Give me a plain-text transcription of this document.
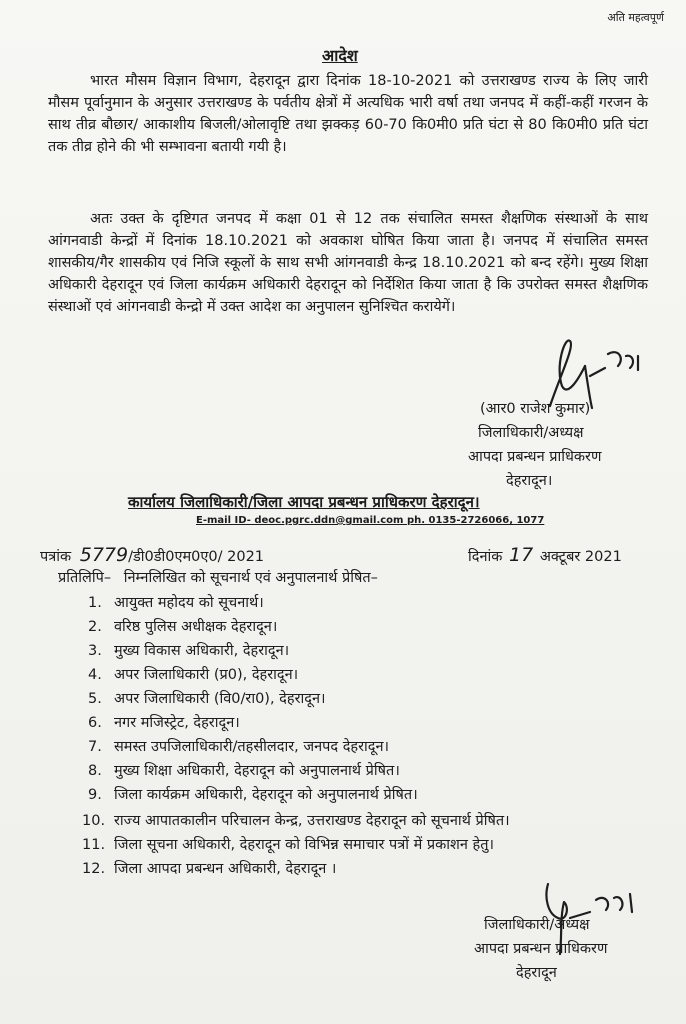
अति महत्वपूर्ण
आदेश
भारत मौसम विज्ञान विभाग, देहरादून द्वारा दिनांक 18-10-2021 को उत्तराखण्ड राज्य के लिए जारी मौसम पूर्वानुमान के अनुसार उत्तराखण्ड के पर्वतीय क्षेत्रों में अत्यधिक भारी वर्षा तथा जनपद में कहीं-कहीं गरजन के साथ तीव्र बौछार/ आकाशीय बिजली/ओलावृष्टि तथा झक्कड़ 60-70 कि0मी0 प्रति घंटा से 80 कि0मी0 प्रति घंटा तक तीव्र होने की भी सम्भावना बतायी गयी है।
अतः उक्त के दृष्टिगत जनपद में कक्षा 01 से 12 तक संचालित समस्त शैक्षणिक संस्थाओं के साथ आंगनवाडी केन्द्रों में दिनांक 18.10.2021 को अवकाश घोषित किया जाता है। जनपद में संचालित समस्त शासकीय/गैर शासकीय एवं निजि स्कूलों के साथ सभी आंगनवाडी केन्द्र 18.10.2021 को बन्द रहेंगे। मुख्य शिक्षा अधिकारी देहरादून एवं जिला कार्यक्रम अधिकारी देहरादून को निर्देशित किया जाता है कि उपरोक्त समस्त शैक्षणिक संस्थाओं एवं आंगनवाडी केन्द्रो में उक्त आदेश का अनुपालन सुनिश्चित करायेगें।
(आर0 राजेश कुमार)
जिलाधिकारी/अध्यक्ष
आपदा प्रबन्धन प्राधिकरण
देहरादून।
कार्यालय जिलाधिकारी/जिला आपदा प्रबन्धन प्राधिकरण देहरादून।
E-mail ID- deoc.pgrc.ddn@gmail.com ph. 0135-2726066, 1077
पत्रांक 5779/डी0डी0एम0ए0/ 2021	दिनांक 17 अक्टूबर 2021
प्रतिलिपि– निम्नलिखित को सूचनार्थ एवं अनुपालनार्थ प्रेषित–
1. आयुक्त महोदय को सूचनार्थ।
2. वरिष्ठ पुलिस अधीक्षक देहरादून।
3. मुख्य विकास अधिकारी, देहरादून।
4. अपर जिलाधिकारी (प्र0), देहरादून।
5. अपर जिलाधिकारी (वि0/रा0), देहरादून।
6. नगर मजिस्ट्रेट, देहरादून।
7. समस्त उपजिलाधिकारी/तहसीलदार, जनपद देहरादून।
8. मुख्य शिक्षा अधिकारी, देहरादून को अनुपालनार्थ प्रेषित।
9. जिला कार्यक्रम अधिकारी, देहरादून को अनुपालनार्थ प्रेषित।
10. राज्य आपातकालीन परिचालन केन्द्र, उत्तराखण्ड देहरादून को सूचनार्थ प्रेषित।
11. जिला सूचना अधिकारी, देहरादून को विभिन्न समाचार पत्रों में प्रकाशन हेतु।
12. जिला आपदा प्रबन्धन अधिकारी, देहरादून ।
जिलाधिकारी/अध्यक्ष
आपदा प्रबन्धन प्राधिकरण
देहरादून
